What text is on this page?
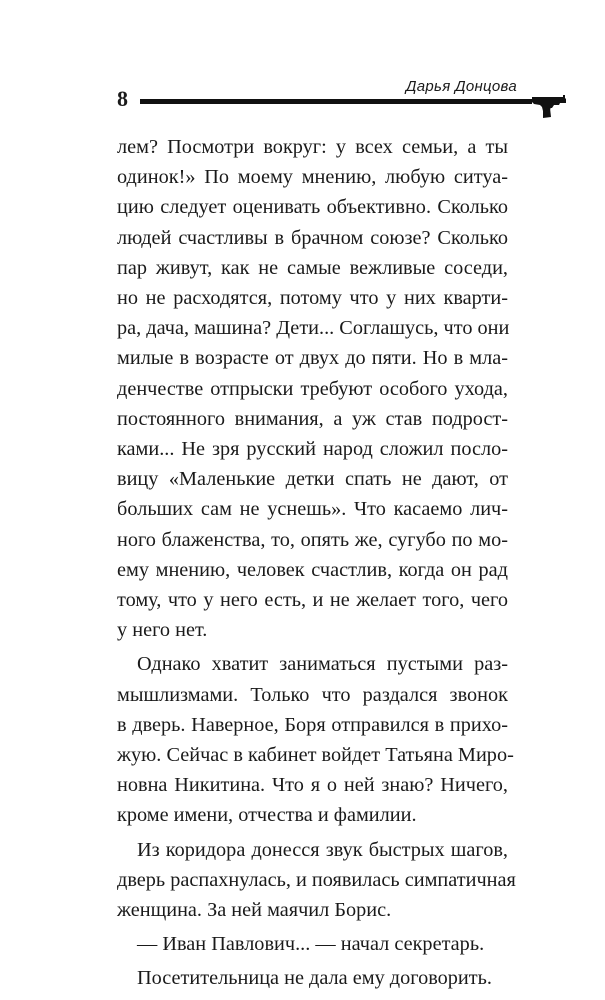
8	Дарья Донцова

лем? Посмотри вокруг: у всех семьи, а ты
одинок!» По моему мнению, любую ситуа-
цию следует оценивать объективно. Сколько
людей счастливы в брачном союзе? Сколько
пар живут, как не самые вежливые соседи,
но не расходятся, потому что у них кварти-
ра, дача, машина? Дети... Соглашусь, что они
милые в возрасте от двух до пяти. Но в мла-
денчестве отпрыски требуют особого ухода,
постоянного внимания, а уж став подрост-
ками... Не зря русский народ сложил посло-
вицу «Маленькие детки спать не дают, от
больших сам не уснешь». Что касаемо лич-
ного блаженства, то, опять же, сугубо по мо-
ему мнению, человек счастлив, когда он рад
тому, что у него есть, и не желает того, чего
у него нет.

Однако хватит заниматься пустыми раз-
мышлизмами. Только что раздался звонок
в дверь. Наверное, Боря отправился в прихо-
жую. Сейчас в кабинет войдет Татьяна Миро-
новна Никитина. Что я о ней знаю? Ничего,
кроме имени, отчества и фамилии.

Из коридора донесся звук быстрых шагов,
дверь распахнулась, и появилась симпатичная
женщина. За ней маячил Борис.

— Иван Павлович... — начал секретарь.

Посетительница не дала ему договорить.
